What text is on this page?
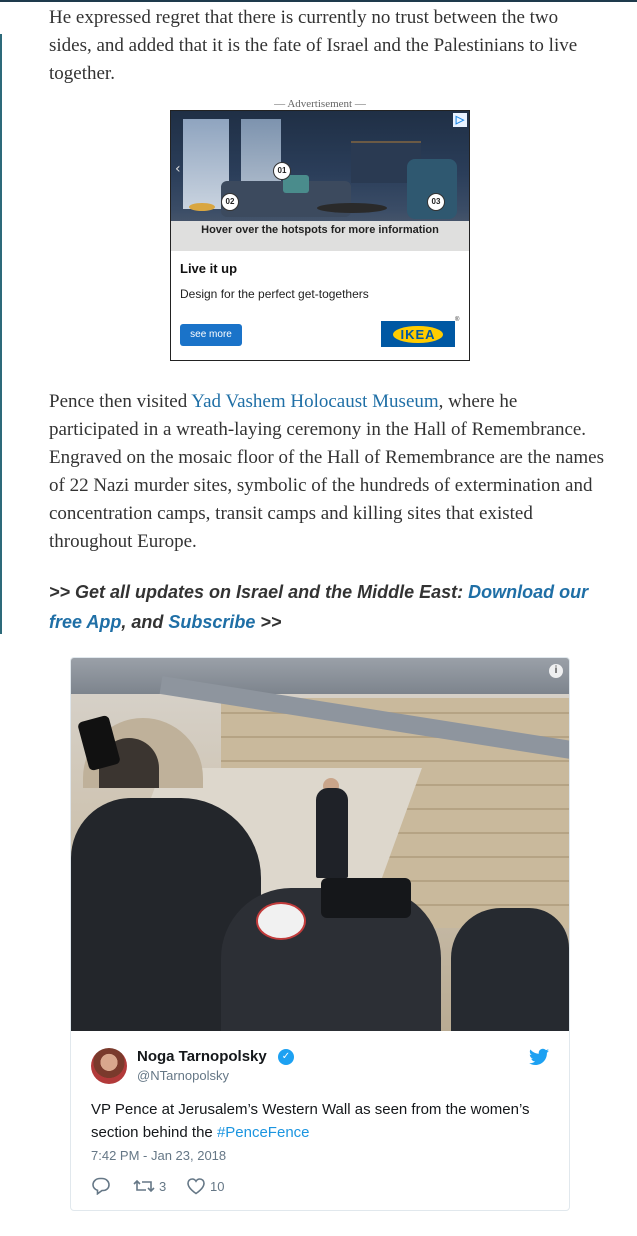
He expressed regret that there is currently no trust between the two sides, and added that it is the fate of Israel and the Palestinians to live together.

— Advertisement —
‹
▷
01
02	03
Hover over the hotspots for more information
Live it up
Design for the perfect get-togethers
see more	IKEA
®

Pence then visited Yad Vashem Holocaust Museum, where he participated in a wreath-laying ceremony in the Hall of Remembrance. Engraved on the mosaic floor of the Hall of Remembrance are the names of 22 Nazi murder sites, symbolic of the hundreds of extermination and concentration camps, transit camps and killing sites that existed throughout Europe.

>> Get all updates on Israel and the Middle East: Download our free App, and Subscribe >>
i
Noga Tarnopolsky	✓
@NTarnopolsky
VP Pence at Jerusalem’s Western Wall as seen from the women’s section behind the #PenceFence
7:42 PM - Jan 23, 2018
3	10
